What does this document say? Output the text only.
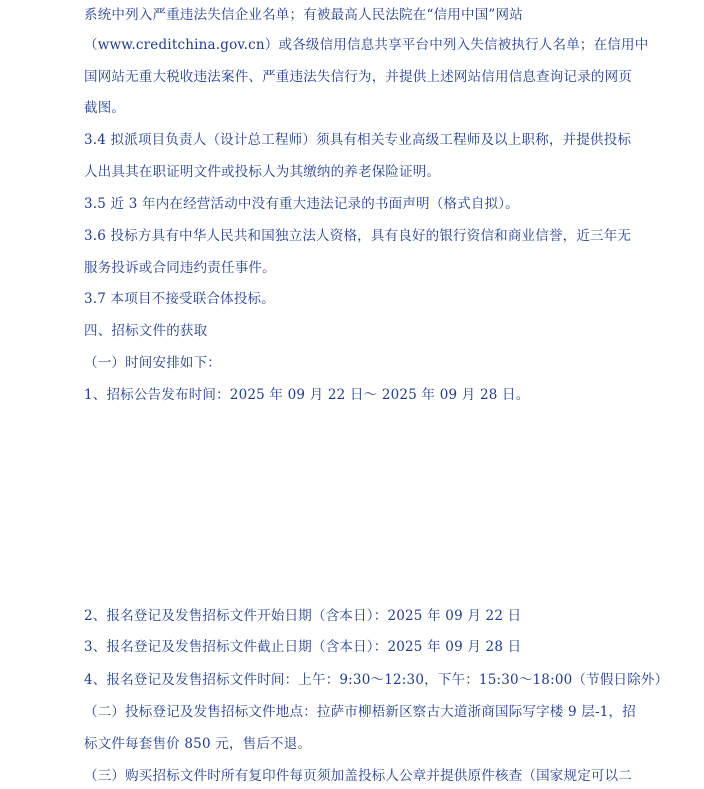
系统中列入严重违法失信企业名单；有被最高人民法院在“信用中国”网站
（www.creditchina.gov.cn）或各级信用信息共享平台中列入失信被执行人名单；在信用中
国网站无重大税收违法案件、严重违法失信行为，并提供上述网站信用信息查询记录的网页
截图。
3.4 拟派项目负责人（设计总工程师）须具有相关专业高级工程师及以上职称，并提供投标
人出具其在职证明文件或投标人为其缴纳的养老保险证明。
3.5 近 3 年内在经营活动中没有重大违法记录的书面声明（格式自拟）。
3.6 投标方具有中华人民共和国独立法人资格，具有良好的银行资信和商业信誉，近三年无
服务投诉或合同违约责任事件。
3.7 本项目不接受联合体投标。
四、招标文件的获取
（一）时间安排如下：
1、招标公告发布时间：2025 年 09 月 22 日～ 2025 年 09 月 28 日。
2、报名登记及发售招标文件开始日期（含本日）：2025 年 09 月 22 日
3、报名登记及发售招标文件截止日期（含本日）：2025 年 09 月 28 日
4、报名登记及发售招标文件时间：上午：9:30～12:30，下午：15:30～18:00（节假日除外）
（二）投标登记及发售招标文件地点：拉萨市柳梧新区察古大道浙商国际写字楼 9 层-1，招
标文件每套售价 850 元，售后不退。
（三）购买招标文件时所有复印件每页须加盖投标人公章并提供原件核查（国家规定可以二
